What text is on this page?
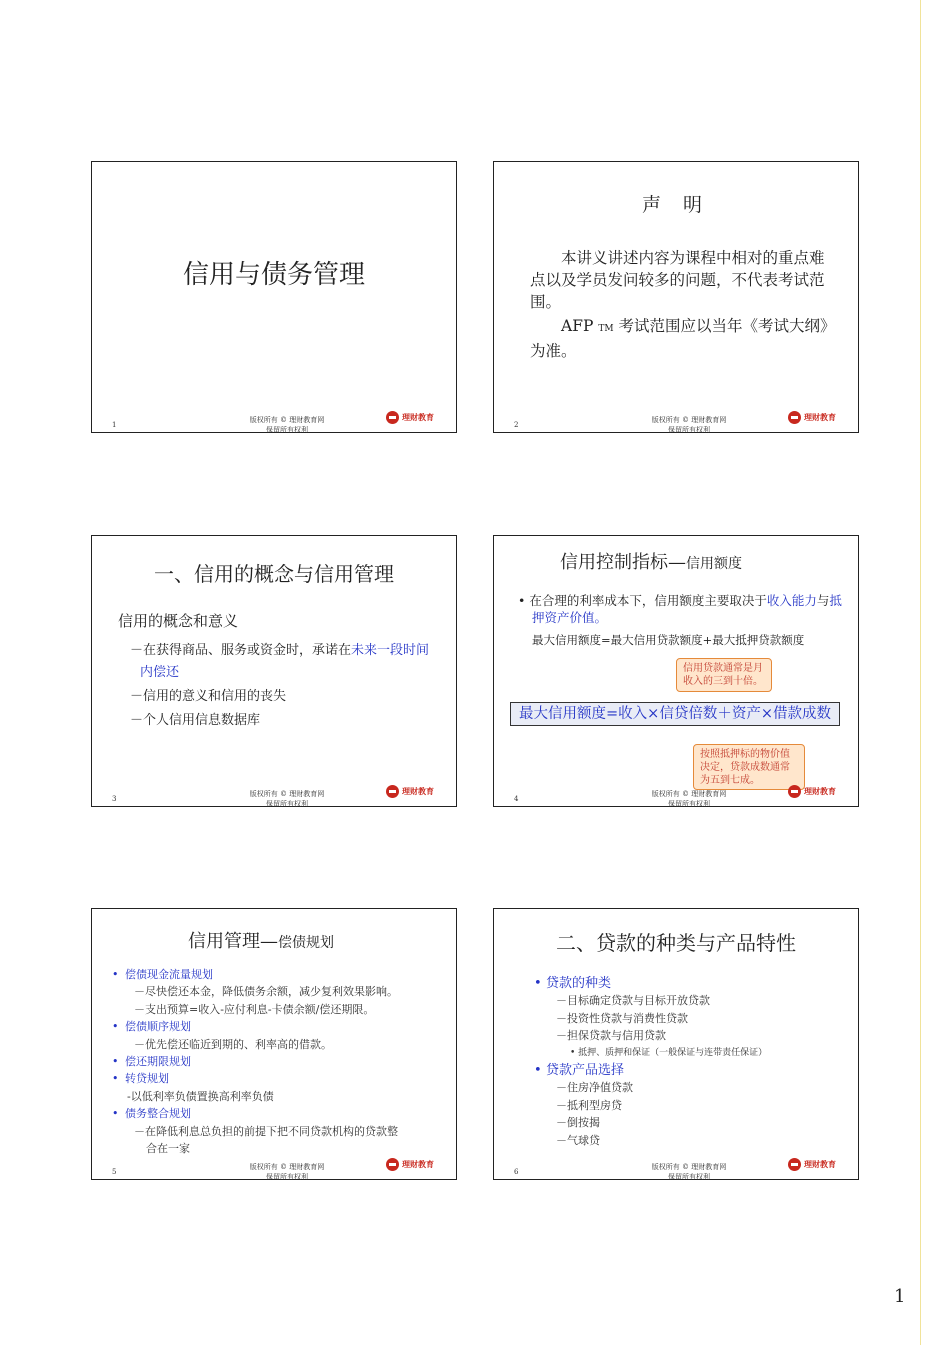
信用与债务管理
1
版权所有 © 理财教育网
保留所有权利
理财教育
声 明

本讲义讲述内容为课程中相对的重点难点以及学员发问较多的问题，不代表考试范围。

AFP TM 考试范围应以当年《考试大纲》为准。

2
版权所有 © 理财教育网
保留所有权利
理财教育
一、信用的概念与信用管理
信用的概念和意义
－在获得商品、服务或资金时，承诺在未来一段时间内偿还
－信用的意义和信用的丧失
－个人信用信息数据库
3
版权所有 © 理财教育网
保留所有权利
理财教育
信用控制指标—信用额度
• 在合理的利率成本下，信用额度主要取决于收入能力与抵押资产价值。
最大信用额度=最大信用贷款额度+最大抵押贷款额度
信用贷款通常是月收入的三到十倍。
最大信用额度=收入×信贷倍数＋资产×借款成数
按照抵押标的物价值决定，贷款成数通常为五到七成。
4
版权所有 © 理财教育网
保留所有权利
理财教育
信用管理—偿债规划
• 偿债现金流量规划
－尽快偿还本金，降低债务余额，减少复利效果影响。
－支出预算=收入-应付利息-卡债余额/偿还期限。
• 偿债顺序规划
－优先偿还临近到期的、利率高的借款。
• 偿还期限规划
• 转贷规划
-以低利率负债置换高利率负债
• 债务整合规划
－在降低利息总负担的前提下把不同贷款机构的贷款整
合在一家
5
版权所有 © 理财教育网
保留所有权利
理财教育
二、贷款的种类与产品特性
• 贷款的种类
－目标确定贷款与目标开放贷款
－投资性贷款与消费性贷款
－担保贷款与信用贷款
• 抵押、质押和保证（一般保证与连带责任保证）
• 贷款产品选择
－住房净值贷款
－抵利型房贷
－倒按揭
－气球贷
6
版权所有 © 理财教育网
保留所有权利
理财教育
1
